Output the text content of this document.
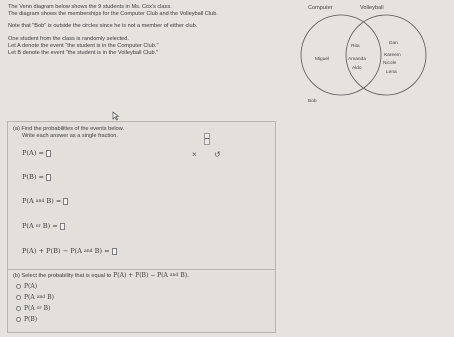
The Venn diagram below shows the 9 students in Ms. Cox's class.

The diagram shows the memberships for the Computer Club and the Volleyball Club.

Note that "Bob" is outside the circles since he is not a member of either club.

One student from the class is randomly selected.

Let A denote the event "the student is in the Computer Club."

Let B denote the event "the student is in the Volleyball Club."

Computer	Volleyball
Miguel
Rita
Amanda
Aldo
Dan
Kareem
Nicole
Lena
Bob
(a) Find the probabilities of the events below.
Write each answer as a single fraction.
P(A) =
P(B) =
P(A and B) =
P(A or B) =
P(A) + P(B) − P(A and B) =
× ↺
(b) Select the probability that is equal to P(A) + P(B) − P(A and B).
P(A)
P(A and B)
P(A or B)
P(B)
